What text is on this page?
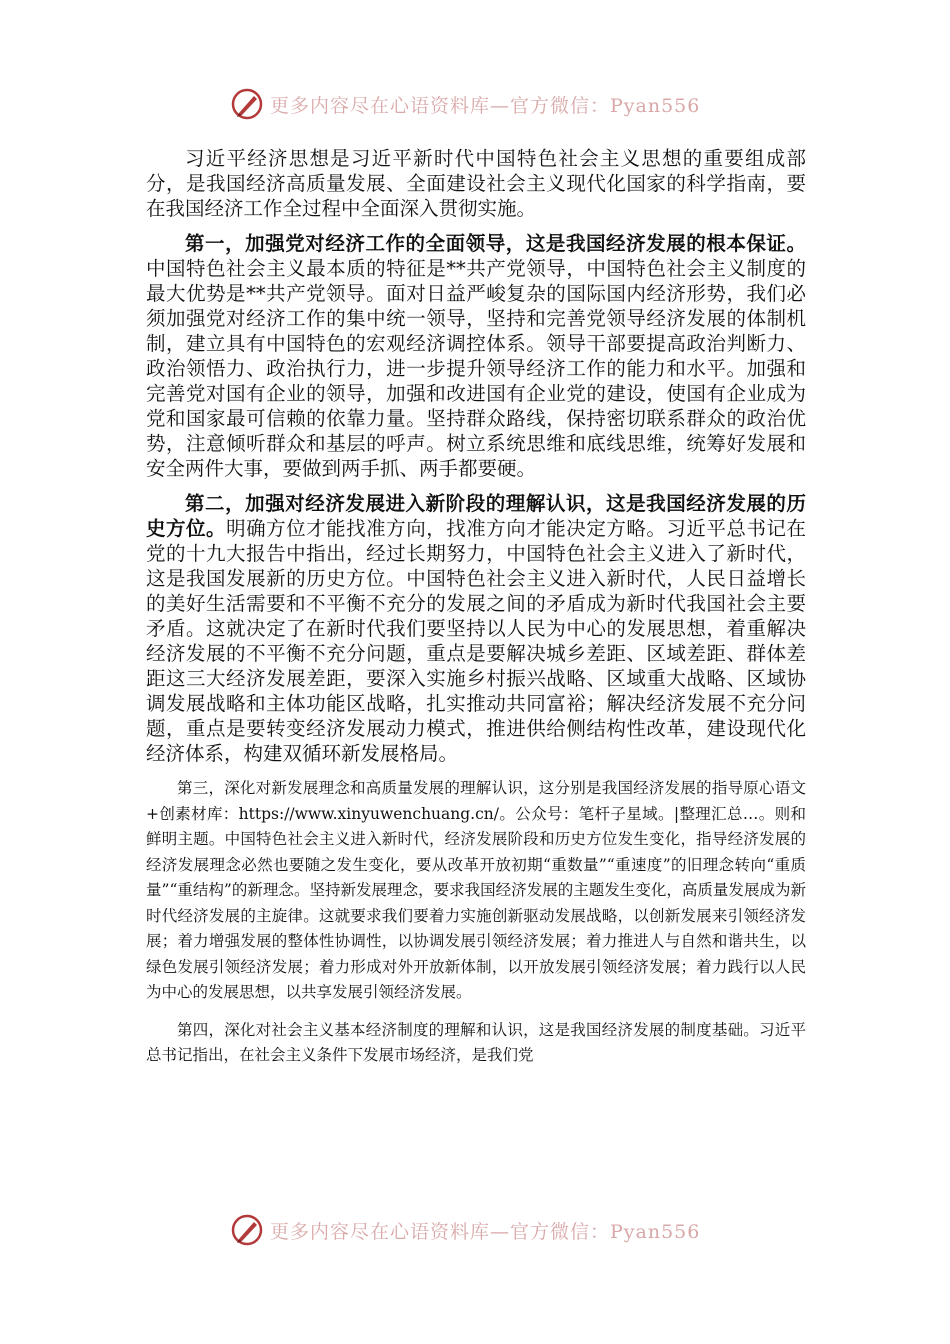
更多内容尽在心语资料库—官方微信：Pyan556

习近平经济思想是习近平新时代中国特色社会主义思想的重要组成部分，是我国经济高质量发展、全面建设社会主义现代化国家的科学指南，要在我国经济工作全过程中全面深入贯彻实施。

第一，加强党对经济工作的全面领导，这是我国经济发展的根本保证。中国特色社会主义最本质的特征是**共产党领导，中国特色社会主义制度的最大优势是**共产党领导。面对日益严峻复杂的国际国内经济形势，我们必须加强党对经济工作的集中统一领导，坚持和完善党领导经济发展的体制机制，建立具有中国特色的宏观经济调控体系。领导干部要提高政治判断力、政治领悟力、政治执行力，进一步提升领导经济工作的能力和水平。加强和完善党对国有企业的领导，加强和改进国有企业党的建设，使国有企业成为党和国家最可信赖的依靠力量。坚持群众路线，保持密切联系群众的政治优势，注意倾听群众和基层的呼声。树立系统思维和底线思维，统筹好发展和安全两件大事，要做到两手抓、两手都要硬。

第二，加强对经济发展进入新阶段的理解认识，这是我国经济发展的历史方位。明确方位才能找准方向，找准方向才能决定方略。习近平总书记在党的十九大报告中指出，经过长期努力，中国特色社会主义进入了新时代，这是我国发展新的历史方位。中国特色社会主义进入新时代，人民日益增长的美好生活需要和不平衡不充分的发展之间的矛盾成为新时代我国社会主要矛盾。这就决定了在新时代我们要坚持以人民为中心的发展思想，着重解决经济发展的不平衡不充分问题，重点是要解决城乡差距、区域差距、群体差距这三大经济发展差距，要深入实施乡村振兴战略、区域重大战略、区域协调发展战略和主体功能区战略，扎实推动共同富裕；解决经济发展不充分问题，重点是要转变经济发展动力模式，推进供给侧结构性改革，建设现代化经济体系，构建双循环新发展格局。

第三，深化对新发展理念和高质量发展的理解认识，这分别是我国经济发展的指导原心语文+创素材库：https://www.xinyuwenchuang.cn/。公众号：笔杆子星域。|整理汇总…。则和鲜明主题。中国特色社会主义进入新时代，经济发展阶段和历史方位发生变化，指导经济发展的经济发展理念必然也要随之发生变化，要从改革开放初期“重数量”“重速度”的旧理念转向“重质量”“重结构”的新理念。坚持新发展理念，要求我国经济发展的主题发生变化，高质量发展成为新时代经济发展的主旋律。这就要求我们要着力实施创新驱动发展战略，以创新发展来引领经济发展；着力增强发展的整体性协调性，以协调发展引领经济发展；着力推进人与自然和谐共生，以绿色发展引领经济发展；着力形成对外开放新体制，以开放发展引领经济发展；着力践行以人民为中心的发展思想，以共享发展引领经济发展。

第四，深化对社会主义基本经济制度的理解和认识，这是我国经济发展的制度基础。习近平总书记指出，在社会主义条件下发展市场经济，是我们党

更多内容尽在心语资料库—官方微信：Pyan556
